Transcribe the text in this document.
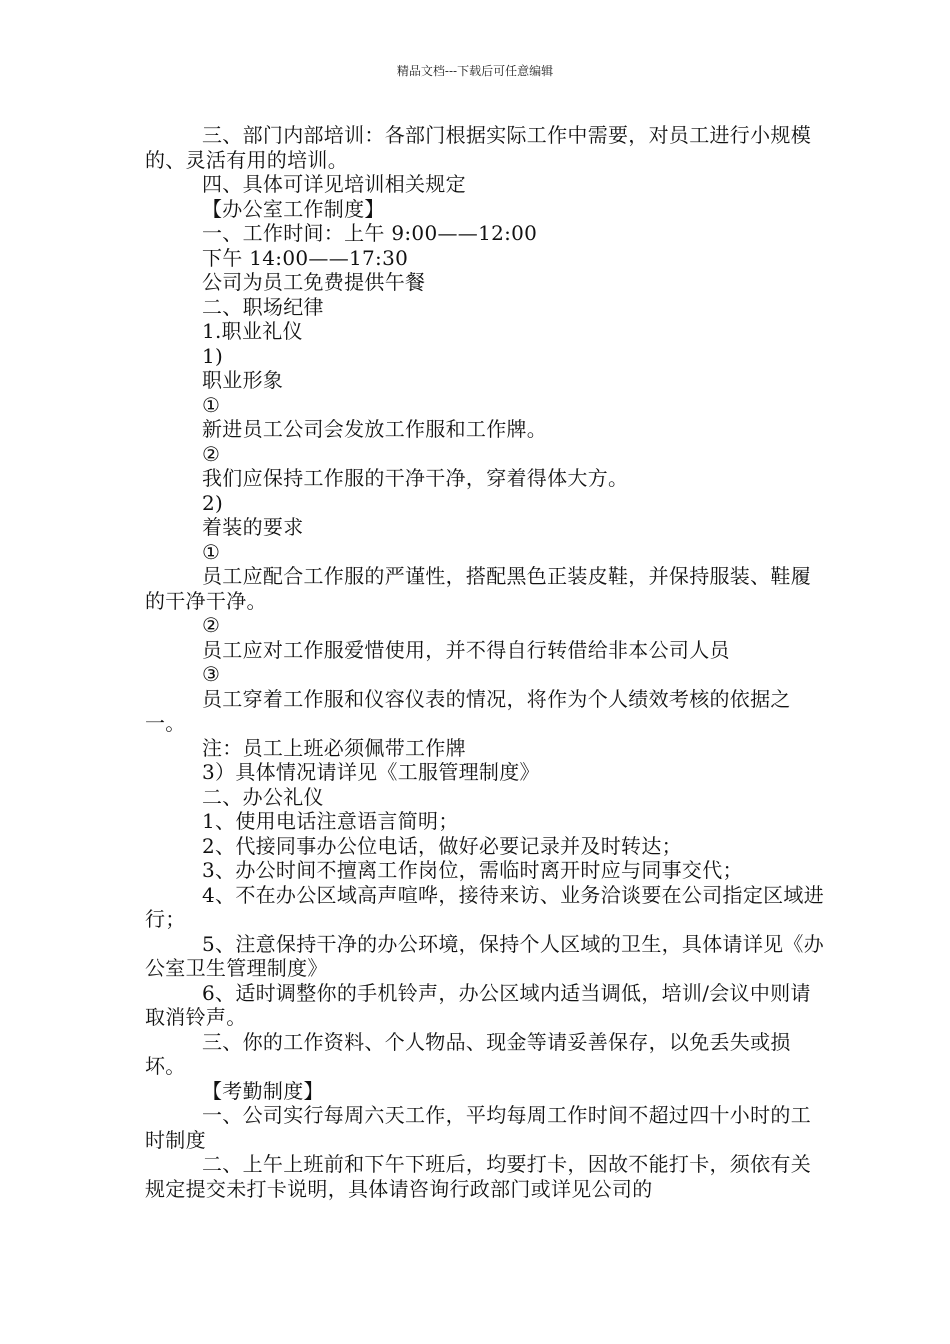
精品文档---下载后可任意编辑

三、部门内部培训：各部门根据实际工作中需要，对员工进行小规模的、灵活有用的培训。

四、具体可详见培训相关规定

【办公室工作制度】

一、工作时间：上午 9:00——12:00

下午 14:00——17:30

公司为员工免费提供午餐

二、职场纪律

1.职业礼仪

1)

职业形象

①

新进员工公司会发放工作服和工作牌。

②

我们应保持工作服的干净干净，穿着得体大方。

2)

着装的要求

①

员工应配合工作服的严谨性，搭配黑色正装皮鞋，并保持服装、鞋履的干净干净。

②

员工应对工作服爱惜使用，并不得自行转借给非本公司人员

③

员工穿着工作服和仪容仪表的情况，将作为个人绩效考核的依据之一。

注：员工上班必须佩带工作牌

3）具体情况请详见《工服管理制度》

二、办公礼仪

1、使用电话注意语言简明；

2、代接同事办公位电话，做好必要记录并及时转达；

3、办公时间不擅离工作岗位，需临时离开时应与同事交代；

4、不在办公区域高声喧哗，接待来访、业务洽谈要在公司指定区域进行；

5、注意保持干净的办公环境，保持个人区域的卫生，具体请详见《办公室卫生管理制度》

6、适时调整你的手机铃声，办公区域内适当调低，培训/会议中则请取消铃声。

三、你的工作资料、个人物品、现金等请妥善保存，以免丢失或损坏。

【考勤制度】

一、公司实行每周六天工作，平均每周工作时间不超过四十小时的工时制度

二、上午上班前和下午下班后，均要打卡，因故不能打卡，须依有关规定提交未打卡说明，具体请咨询行政部门或详见公司的
